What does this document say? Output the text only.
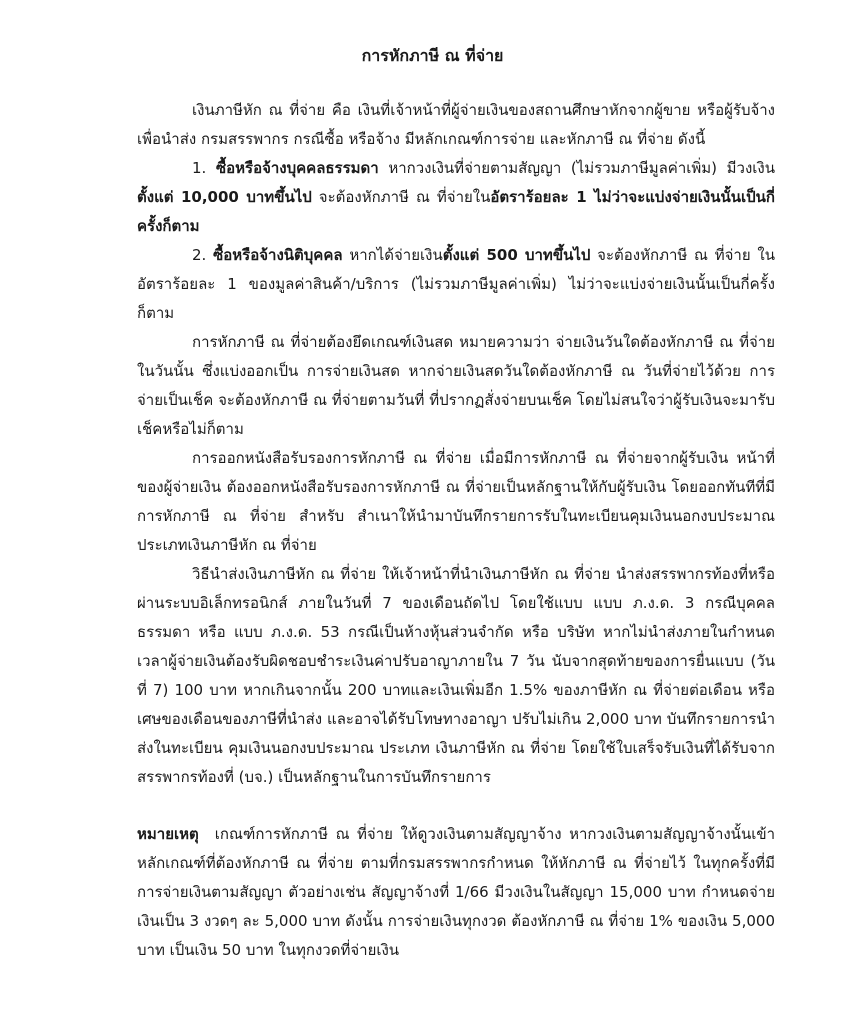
การหักภาษี ณ ที่จ่าย

เงินภาษีหัก ณ ที่จ่าย คือ เงินที่เจ้าหน้าที่ผู้จ่ายเงินของสถานศึกษาหักจากผู้ขาย หรือผู้รับจ้าง เพื่อนำส่ง กรมสรรพากร กรณีซื้อ หรือจ้าง มีหลักเกณฑ์การจ่าย และหักภาษี ณ ที่จ่าย ดังนี้

1. ซื้อหรือจ้างบุคคลธรรมดา หากวงเงินที่จ่ายตามสัญญา (ไม่รวมภาษีมูลค่าเพิ่ม) มีวงเงิน ตั้งแต่ 10,000 บาทขึ้นไป จะต้องหักภาษี ณ ที่จ่ายในอัตราร้อยละ 1 ไม่ว่าจะแบ่งจ่ายเงินนั้นเป็นกี่ครั้งก็ตาม

2. ซื้อหรือจ้างนิติบุคคล หากได้จ่ายเงินตั้งแต่ 500 บาทขึ้นไป จะต้องหักภาษี ณ ที่จ่าย ในอัตราร้อยละ 1 ของมูลค่าสินค้า/บริการ (ไม่รวมภาษีมูลค่าเพิ่ม) ไม่ว่าจะแบ่งจ่ายเงินนั้นเป็นกี่ครั้งก็ตาม

การหักภาษี ณ ที่จ่ายต้องยึดเกณฑ์เงินสด หมายความว่า จ่ายเงินวันใดต้องหักภาษี ณ ที่จ่ายในวันนั้น ซึ่งแบ่งออกเป็น การจ่ายเงินสด หากจ่ายเงินสดวันใดต้องหักภาษี ณ วันที่จ่ายไว้ด้วย การจ่ายเป็นเช็ค จะต้องหักภาษี ณ ที่จ่ายตามวันที่ ที่ปรากฏสั่งจ่ายบนเช็ค โดยไม่สนใจว่าผู้รับเงินจะมารับเช็คหรือไม่ก็ตาม

การออกหนังสือรับรองการหักภาษี ณ ที่จ่าย เมื่อมีการหักภาษี ณ ที่จ่ายจากผู้รับเงิน หน้าที่ของผู้จ่ายเงิน ต้องออกหนังสือรับรองการหักภาษี ณ ที่จ่ายเป็นหลักฐานให้กับผู้รับเงิน โดยออกทันทีที่มีการหักภาษี ณ ที่จ่าย สำหรับ สำเนาให้นำมาบันทึกรายการรับในทะเบียนคุมเงินนอกงบประมาณประเภทเงินภาษีหัก ณ ที่จ่าย

วิธีนำส่งเงินภาษีหัก ณ ที่จ่าย ให้เจ้าหน้าที่นำเงินภาษีหัก ณ ที่จ่าย นำส่งสรรพากรท้องที่หรือผ่านระบบอิเล็กทรอนิกส์ ภายในวันที่ 7 ของเดือนถัดไป โดยใช้แบบ แบบ ภ.ง.ด. 3 กรณีบุคคลธรรมดา หรือ แบบ ภ.ง.ด. 53 กรณีเป็นห้างหุ้นส่วนจำกัด หรือ บริษัท หากไม่นำส่งภายในกำหนดเวลาผู้จ่ายเงินต้องรับผิดชอบชำระเงินค่าปรับอาญาภายใน 7 วัน นับจากสุดท้ายของการยื่นแบบ (วันที่ 7) 100 บาท หากเกินจากนั้น 200 บาทและเงินเพิ่มอีก 1.5% ของภาษีหัก ณ ที่จ่ายต่อเดือน หรือเศษของเดือนของภาษีที่นำส่ง และอาจได้รับโทษทางอาญา ปรับไม่เกิน 2,000 บาท บันทึกรายการนำส่งในทะเบียน คุมเงินนอกงบประมาณ ประเภท เงินภาษีหัก ณ ที่จ่าย โดยใช้ใบเสร็จรับเงินที่ได้รับจากสรรพากรท้องที่ (บจ.) เป็นหลักฐานในการบันทึกรายการ

หมายเหตุ เกณฑ์การหักภาษี ณ ที่จ่าย ให้ดูวงเงินตามสัญญาจ้าง หากวงเงินตามสัญญาจ้างนั้นเข้าหลักเกณฑ์ที่ต้องหักภาษี ณ ที่จ่าย ตามที่กรมสรรพากรกำหนด ให้หักภาษี ณ ที่จ่ายไว้ ในทุกครั้งที่มีการจ่ายเงินตามสัญญา ตัวอย่างเช่น สัญญาจ้างที่ 1/66 มีวงเงินในสัญญา 15,000 บาท กำหนดจ่ายเงินเป็น 3 งวดๆ ละ 5,000 บาท ดังนั้น การจ่ายเงินทุกงวด ต้องหักภาษี ณ ที่จ่าย 1% ของเงิน 5,000 บาท เป็นเงิน 50 บาท ในทุกงวดที่จ่ายเงิน
